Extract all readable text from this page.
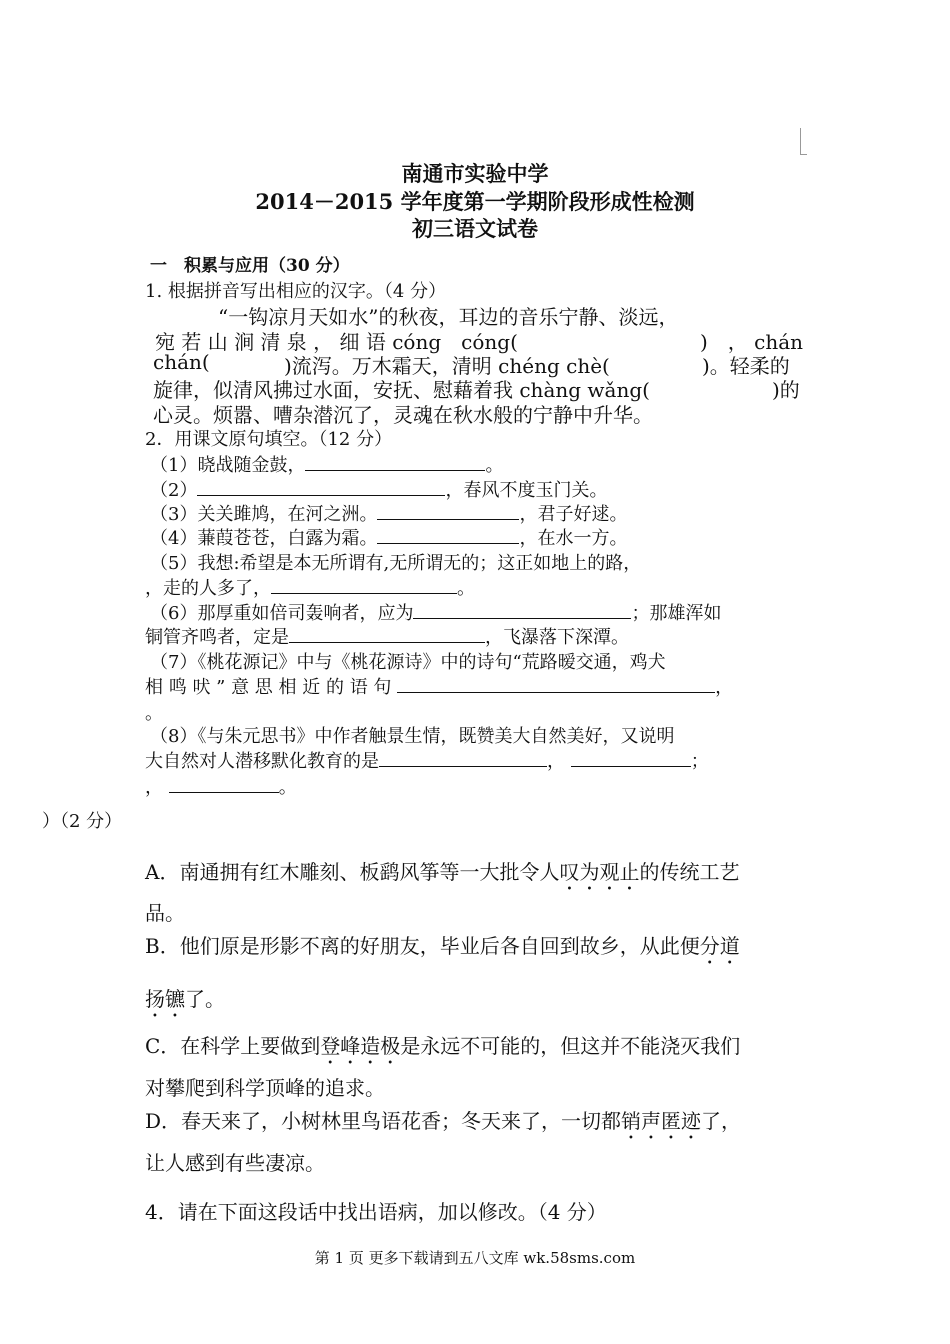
南通市实验中学
2014－2015 学年度第一学期阶段形成性检测
初三语文试卷
一　积累与应用（30 分）
1. 根据拼音写出相应的汉字。（4 分）
“一钩凉月天如水”的秋夜，耳边的音乐宁静、淡远，
宛 若 山 涧 清 泉 ， 细 语 cóng　cóng(	)　， chán
chán(	)流泻。万木霜天，清明 chéng chè(	)。轻柔的
旋律，似清风拂过水面，安抚、慰藉着我 chàng wǎng(	)的
心灵。烦嚣、嘈杂潜沉了，灵魂在秋水般的宁静中升华。
2．用课文原句填空。（12 分）
（1）晓战随金鼓，	。
（2）	，春风不度玉门关。
（3）关关雎鸠，在河之洲。	，君子好逑。
（4）蒹葭苍苍，白露为霜。	，在水一方。
（5）我想:希望是本无所谓有,无所谓无的；这正如地上的路，
，走的人多了，	。
（6）那厚重如倍司轰响者，应为	；那雄浑如
铜管齐鸣者，定是	，飞瀑落下深潭。
（7）《桃花源记》中与《桃花源诗》中的诗句“荒路暧交通，鸡犬
相 鸣 吠 ” 意 思 相 近 的 语 句	，
。
（8）《与朱元思书》中作者触景生情，既赞美大自然美好，又说明
大自然对人潜移默化教育的是	，	；
，	。
）（2 分）
A．南通拥有红木雕刻、板鹞风筝等一大批令人叹为观止的传统工艺
品。
B．他们原是形影不离的好朋友，毕业后各自回到故乡，从此便分道
扬镳了。
C．在科学上要做到登峰造极是永远不可能的，但这并不能浇灭我们
对攀爬到科学顶峰的追求。
D．春天来了，小树林里鸟语花香；冬天来了，一切都销声匿迹了，
让人感到有些凄凉。
4．请在下面这段话中找出语病，加以修改。（4 分）
第 1 页 更多下载请到五八文库 wk.58sms.com
